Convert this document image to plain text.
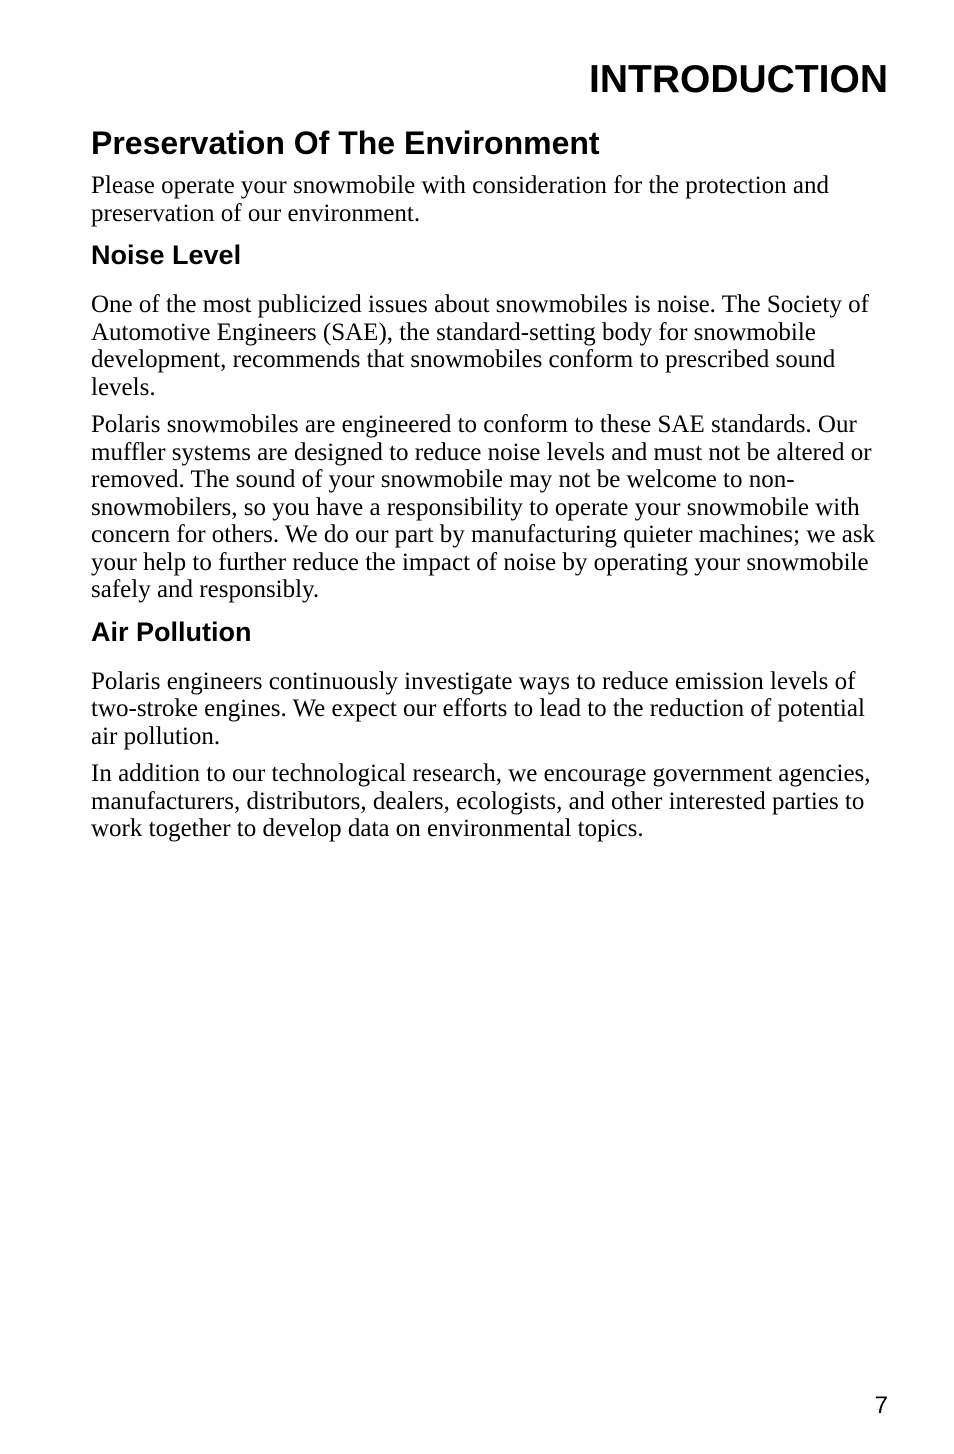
INTRODUCTION
Preservation Of The Environment

Please operate your snowmobile with consideration for the protection and preservation of our environment.

Noise Level

One of the most publicized issues about snowmobiles is noise. The Society of Automotive Engineers (SAE), the standard-setting body for snowmobile development, recommends that snowmobiles conform to prescribed sound levels.

Polaris snowmobiles are engineered to conform to these SAE standards. Our muffler systems are designed to reduce noise levels and must not be altered or removed. The sound of your snowmobile may not be welcome to non-snowmobilers, so you have a responsibility to operate your snowmobile with concern for others. We do our part by manufacturing quieter machines; we ask your help to further reduce the impact of noise by operating your snowmobile safely and responsibly.

Air Pollution

Polaris engineers continuously investigate ways to reduce emission levels of two-stroke engines. We expect our efforts to lead to the reduction of potential air pollution.

In addition to our technological research, we encourage government agencies, manufacturers, distributors, dealers, ecologists, and other interested parties to work together to develop data on environmental topics.

7
